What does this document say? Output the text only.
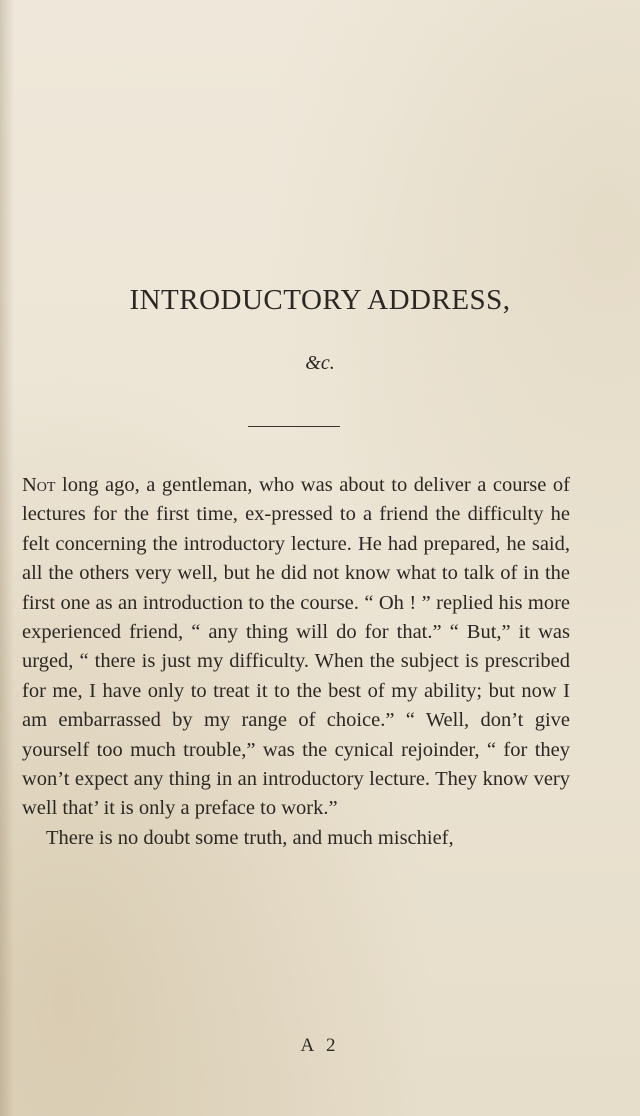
INTRODUCTORY ADDRESS,
&c.

Not long ago, a gentleman, who was about to deliver a course of lectures for the first time, ex-pressed to a friend the difficulty he felt concerning the introductory lecture. He had prepared, he said, all the others very well, but he did not know what to talk of in the first one as an introduction to the course. “ Oh ! ” replied his more experienced friend, “ any thing will do for that.” “ But,” it was urged, “ there is just my difficulty. When the subject is prescribed for me, I have only to treat it to the best of my ability; but now I am embarrassed by my range of choice.” “ Well, don’t give yourself too much trouble,” was the cynical rejoinder, “ for they won’t expect any thing in an introductory lecture. They know very well that’ it is only a preface to work.”

There is no doubt some truth, and much mischief,

A 2
